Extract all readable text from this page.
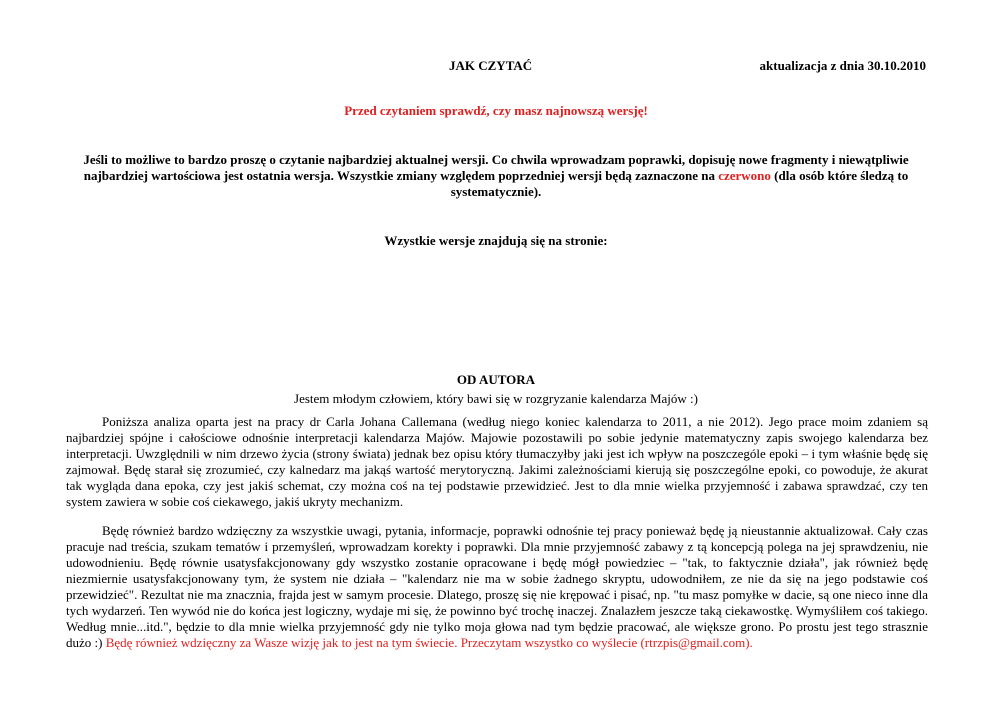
JAK CZYTAĆ	aktualizacja z dnia 30.10.2010
Przed czytaniem sprawdź, czy masz najnowszą wersję!
Jeśli to możliwe to bardzo proszę o czytanie najbardziej aktualnej wersji. Co chwila wprowadzam poprawki, dopisuję nowe fragmenty i niewątpliwie najbardziej wartościowa jest ostatnia wersja. Wszystkie zmiany względem poprzedniej wersji będą zaznaczone na czerwono (dla osób które śledzą to systematycznie).
Wzystkie wersje znajdują się na stronie:
OD AUTORA
Jestem młodym człowiem, który bawi się w rozgryzanie kalendarza Majów :)
Poniższa analiza oparta jest na pracy dr Carla Johana Callemana (według niego koniec kalendarza to 2011, a nie 2012). Jego prace moim zdaniem są najbardziej spójne i całościowe odnośnie interpretacji kalendarza Majów. Majowie pozostawili po sobie jedynie matematyczny zapis swojego kalendarza bez interpretacji. Uwzględnili w nim drzewo życia (strony świata) jednak bez opisu który tłumaczyłby jaki jest ich wpływ na poszczególe epoki – i tym właśnie będę się zajmował. Będę starał się zrozumieć, czy kalnedarz ma jakąś wartość merytoryczną. Jakimi zależnościami kierują się poszczególne epoki, co powoduje, że akurat tak wygląda dana epoka, czy jest jakiś schemat, czy można coś na tej podstawie przewidzieć. Jest to dla mnie wielka przyjemność i zabawa sprawdzać, czy ten system zawiera w sobie coś ciekawego, jakiś ukryty mechanizm.
Będę również bardzo wdzięczny za wszystkie uwagi, pytania, informacje, poprawki odnośnie tej pracy ponieważ będę ją nieustannie aktualizował. Cały czas pracuje nad treścia, szukam tematów i przemyśleń, wprowadzam korekty i poprawki. Dla mnie przyjemność zabawy z tą koncepcją polega na jej sprawdzeniu, nie udowodnieniu. Będę równie usatysfakcjonowany gdy wszystko zostanie opracowane i będę mógł powiedziec – "tak, to faktycznie działa", jak również będę niezmiernie usatysfakcjonowany tym, że system nie działa – "kalendarz nie ma w sobie żadnego skryptu, udowodniłem, ze nie da się na jego podstawie coś przewidzieć". Rezultat nie ma znacznia, frajda jest w samym procesie. Dlatego, proszę się nie krępować i pisać, np. "tu masz pomyłke w dacie, są one nieco inne dla tych wydarzeń. Ten wywód nie do końca jest logiczny, wydaje mi się, że powinno być trochę inaczej. Znalazłem jeszcze taką ciekawostkę. Wymyśliłem coś takiego. Według mnie...itd.", będzie to dla mnie wielka przyjemność gdy nie tylko moja głowa nad tym będzie pracować, ale większe grono. Po prostu jest tego strasznie dużo :) Będę również wdzięczny za Wasze wizję jak to jest na tym świecie. Przeczytam wszystko co wyślecie (rtrzpis@gmail.com).
